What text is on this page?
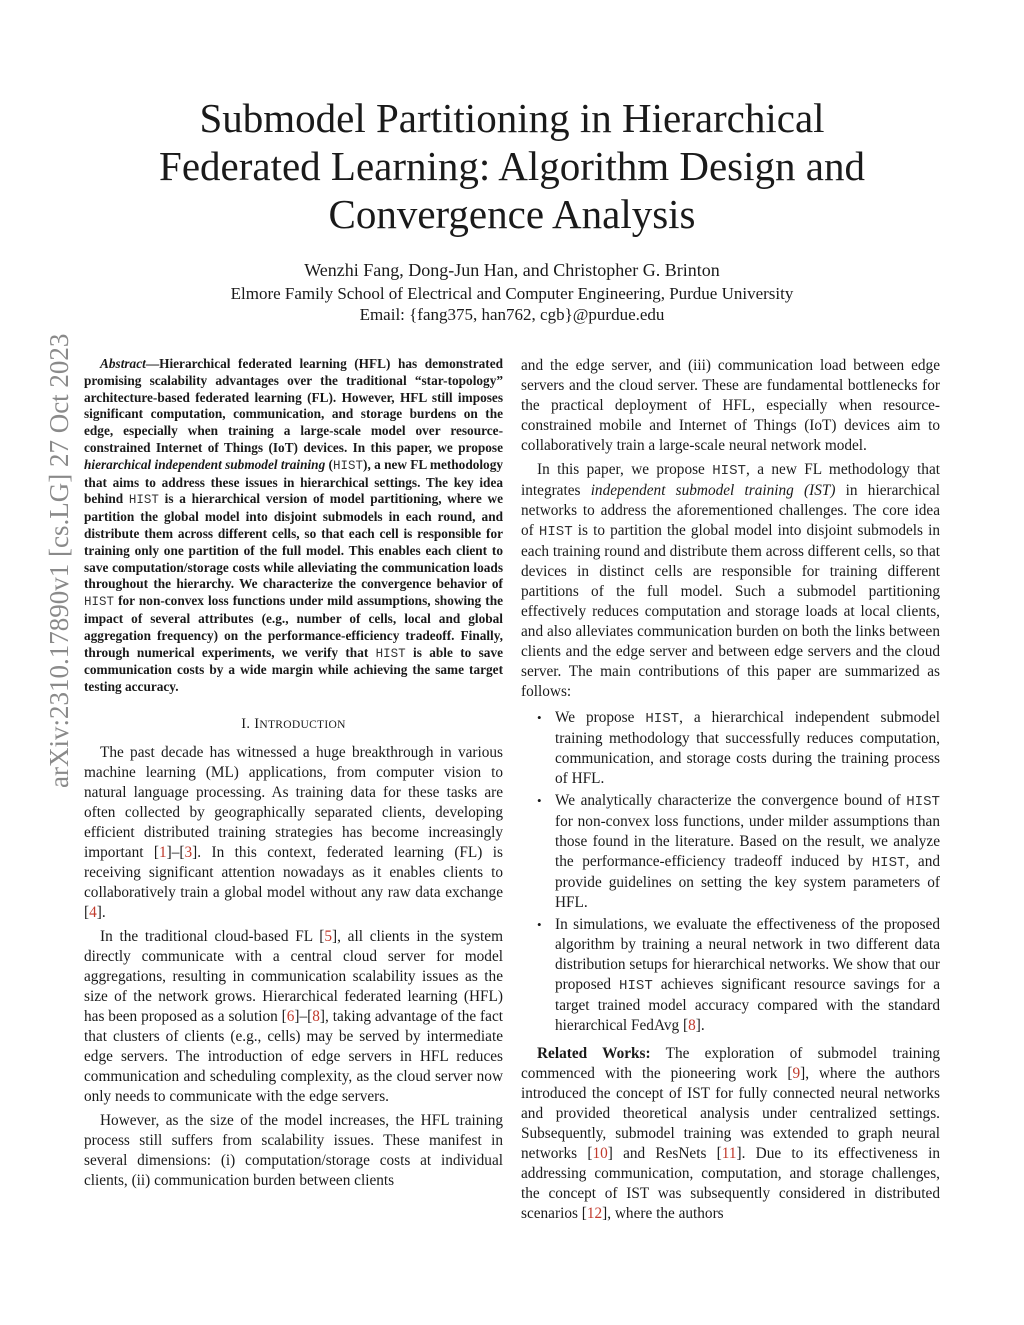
Submodel Partitioning in Hierarchical
Federated Learning: Algorithm Design and
Convergence Analysis
Wenzhi Fang, Dong-Jun Han, and Christopher G. Brinton
Elmore Family School of Electrical and Computer Engineering, Purdue University
Email: {fang375, han762, cgb}@purdue.edu
arXiv:2310.17890v1 [cs.LG] 27 Oct 2023	Abstract—Hierarchical federated learning (HFL) has demonstrated promising scalability advantages over the traditional “star-topology” architecture-based federated learning (FL). However, HFL still imposes significant computation, communication, and storage burdens on the edge, especially when training a large-scale model over resource-constrained Internet of Things (IoT) devices. In this paper, we propose hierarchical independent submodel training (HIST), a new FL methodology that aims to address these issues in hierarchical settings. The key idea behind HIST is a hierarchical version of model partitioning, where we partition the global model into disjoint submodels in each round, and distribute them across different cells, so that each cell is responsible for training only one partition of the full model. This enables each client to save computation/storage costs while alleviating the communication loads throughout the hierarchy. We characterize the convergence behavior of HIST for non-convex loss functions under mild assumptions, showing the impact of several attributes (e.g., number of cells, local and global aggregation frequency) on the performance-efficiency tradeoff. Finally, through numerical experiments, we verify that HIST is able to save communication costs by a wide margin while achieving the same target testing accuracy.

I. INTRODUCTION

The past decade has witnessed a huge breakthrough in various machine learning (ML) applications, from computer vision to natural language processing. As training data for these tasks are often collected by geographically separated clients, developing efficient distributed training strategies has become increasingly important [1]–[3]. In this context, federated learning (FL) is receiving significant attention nowadays as it enables clients to collaboratively train a global model without any raw data exchange [4].

In the traditional cloud-based FL [5], all clients in the system directly communicate with a central cloud server for model aggregations, resulting in communication scalability issues as the size of the network grows. Hierarchical federated learning (HFL) has been proposed as a solution [6]–[8], taking advantage of the fact that clusters of clients (e.g., cells) may be served by intermediate edge servers. The introduction of edge servers in HFL reduces communication and scheduling complexity, as the cloud server now only needs to communicate with the edge servers.

However, as the size of the model increases, the HFL training process still suffers from scalability issues. These manifest in several dimensions: (i) computation/storage costs at individual clients, (ii) communication burden between clients

and the edge server, and (iii) communication load between edge servers and the cloud server. These are fundamental bottlenecks for the practical deployment of HFL, especially when resource-constrained mobile and Internet of Things (IoT) devices aim to collaboratively train a large-scale neural network model.

In this paper, we propose HIST, a new FL methodology that integrates independent submodel training (IST) in hierarchical networks to address the aforementioned challenges. The core idea of HIST is to partition the global model into disjoint submodels in each training round and distribute them across different cells, so that devices in distinct cells are responsible for training different partitions of the full model. Such a submodel partitioning effectively reduces computation and storage loads at local clients, and also alleviates communication burden on both the links between clients and the edge server and between edge servers and the cloud server. The main contributions of this paper are summarized as follows:

• We propose HIST, a hierarchical independent submodel training methodology that successfully reduces computation, communication, and storage costs during the training process of HFL.
• We analytically characterize the convergence bound of HIST for non-convex loss functions, under milder assumptions than those found in the literature. Based on the result, we analyze the performance-efficiency tradeoff induced by HIST, and provide guidelines on setting the key system parameters of HFL.
• In simulations, we evaluate the effectiveness of the proposed algorithm by training a neural network in two different data distribution setups for hierarchical networks. We show that our proposed HIST achieves significant resource savings for a target trained model accuracy compared with the standard hierarchical FedAvg [8].

Related Works: The exploration of submodel training commenced with the pioneering work [9], where the authors introduced the concept of IST for fully connected neural networks and provided theoretical analysis under centralized settings. Subsequently, submodel training was extended to graph neural networks [10] and ResNets [11]. Due to its effectiveness in addressing communication, computation, and storage challenges, the concept of IST was subsequently considered in distributed scenarios [12], where the authors
